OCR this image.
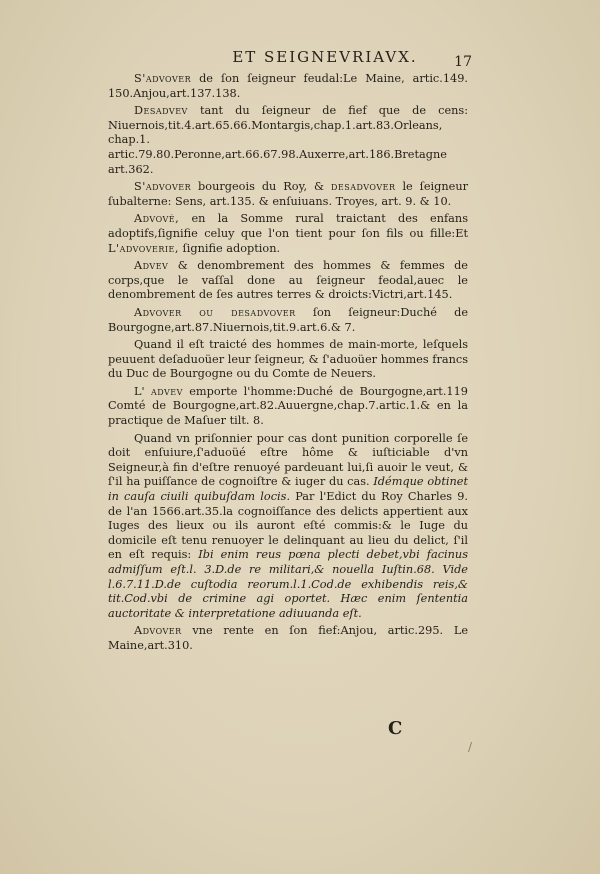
ET SEIGNEVRIAVX.	17

S'advover de ſon ſeigneur feudal:Le Maine, artic.149. 150.Anjou,art.137.138.

Desadvev tant du ſeigneur de fief que de cens: Niuernois,tit.4.art.65.66.Montargis,chap.1.art.83.Orleans, chap.1. artic.79.80.Peronne,art.66.67.98.Auxerre,art.186.Bretagne art.362.

S'advover bourgeois du Roy, & desadvover le ſeigneur ſubalterne: Sens, art.135. & enſuiuans. Troyes, art. 9. & 10.

Advové, en la Somme rural traictant des enfans adoptifs,ſignifie celuy que l'on tient pour ſon fils ou fille:Et L'advoverie, ſignifie adoption.

Advev & denombrement des hommes & femmes de corps,que le vaſſal done au ſeigneur feodal,auec le denombrement de ſes autres terres & droicts:Victri,art.145.

Advover ou desadvover ſon ſeigneur:Duché de Bourgogne,art.87.Niuernois,tit.9.art.6.& 7.

Quand il eſt traicté des hommes de main-morte, leſquels peuuent deſaduoüer leur ſeigneur, & ſ'aduoüer hommes francs du Duc de Bourgogne ou du Comte de Neuers.

L' advev emporte l'homme:Duché de Bourgogne,art.119 Comté de Bourgogne,art.82.Auuergne,chap.7.artic.1.& en la practique de Maſuer tilt. 8.

Quand vn priſonnier pour cas dont punition corporelle ſe doit enſuiure,ſ'aduoüé eſtre hôme & iuſticiable d'vn Seigneur,à fin d'eſtre renuoyé pardeuant lui,ſi auoir le veut, & ſ'il ha puiſſance de cognoiſtre & iuger du cas. Idémque obtinet in cauſa ciuili quibuſdam locis. Par l'Edict du Roy Charles 9. de l'an 1566.art.35.la cognoiſſance des delicts appertient aux Iuges des lieux ou ils auront eſté commis:& le Iuge du domicile eſt tenu renuoyer le delinquant au lieu du delict, ſ'il en eſt requis: Ibi enim reus pœna plecti debet,vbi facinus admiſſum eſt.l. 3.D.de re militari,& nouella Iuſtin.68. Vide l.6.7.11.D.de cuſtodia reorum.l.1.Cod.de exhibendis reis,& tit.Cod.vbi de crimine agi oportet. Hæc enim ſententia auctoritate & interpretatione adiuuanda eſt.

Advover vne rente en ſon fief:Anjou, artic.295. Le Maine,art.310.

C
/
